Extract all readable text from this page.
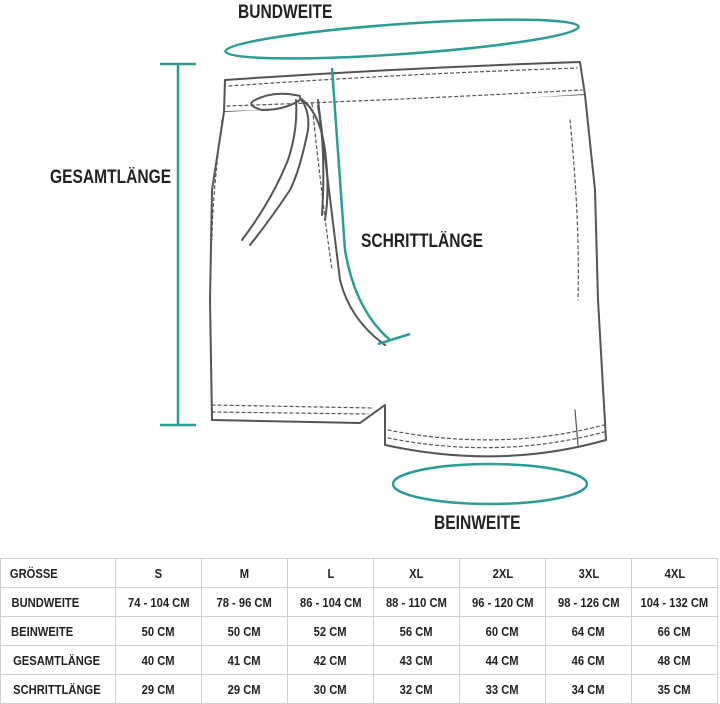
BUNDWEITE
GESAMTLÄNGE
SCHRITTLÄNGE
BEINWEITE
GRÖSSE	S	M	L	XL	2XL	3XL	4XL
BUNDWEITE	74 - 104 CM	78 - 96 CM	86 - 104 CM	88 - 110 CM	96 - 120 CM	98 - 126 CM	104 - 132 CM
BEINWEITE	50 CM	50 CM	52 CM	56 CM	60 CM	64 CM	66 CM
GESAMTLÄNGE	40 CM	41 CM	42 CM	43 CM	44 CM	46 CM	48 CM
SCHRITTLÄNGE	29 CM	29 CM	30 CM	32 CM	33 CM	34 CM	35 CM
